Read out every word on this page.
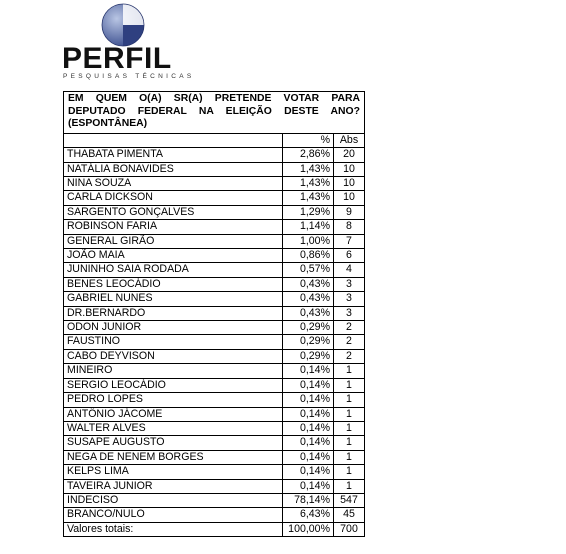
PERFIL
PESQUISAS TÉCNICAS
EM QUEM O(A) SR(A) PRETENDE VOTAR PARA DEPUTADO FEDERAL NA ELEIÇÃO DESTE ANO? (ESPONTÂNEA)		
	%	Abs
THABATA PIMENTA	2,86%	20
NATÁLIA BONAVIDES	1,43%	10
NINA SOUZA	1,43%	10
CARLA DICKSON	1,43%	10
SARGENTO GONÇALVES	1,29%	9
ROBINSON FARIA	1,14%	8
GENERAL GIRÃO	1,00%	7
JOÃO MAIA	0,86%	6
JUNINHO SAIA RODADA	0,57%	4
BENES LEOCÁDIO	0,43%	3
GABRIEL NUNES	0,43%	3
DR.BERNARDO	0,43%	3
ODON JUNIOR	0,29%	2
FAUSTINO	0,29%	2
CABO DEYVISON	0,29%	2
MINEIRO	0,14%	1
SERGIO LEOCÁDIO	0,14%	1
PEDRO LOPES	0,14%	1
ANTÔNIO JÁCOME	0,14%	1
WALTER ALVES	0,14%	1
SUSAPE AUGUSTO	0,14%	1
NEGA DE NENEM BORGES	0,14%	1
KELPS LIMA	0,14%	1
TAVEIRA JUNIOR	0,14%	1
INDECISO	78,14%	547
BRANCO/NULO	6,43%	45
Valores totais:	100,00%	700
